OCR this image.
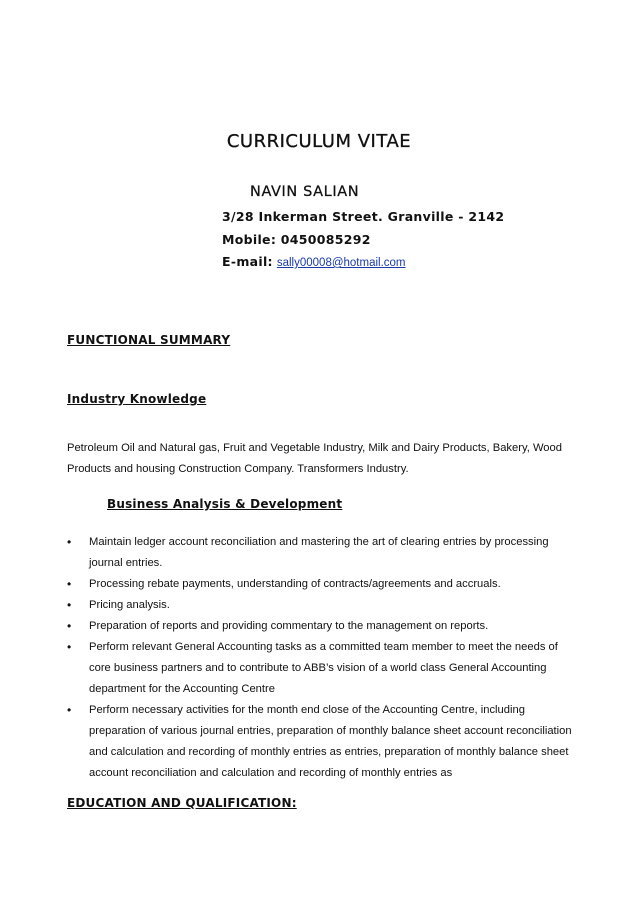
CURRICULUM VITAE
NAVIN SALIAN
3/28 Inkerman Street. Granville - 2142
Mobile: 0450085292
E-mail: sally00008@hotmail.com
FUNCTIONAL SUMMARY
Industry Knowledge
Petroleum Oil and Natural gas, Fruit and Vegetable Industry, Milk and Dairy Products, Bakery, Wood Products and housing Construction Company. Transformers Industry.
Business Analysis & Development
•	Maintain ledger account reconciliation and mastering the art of clearing entries by processing journal entries.
•	Processing rebate payments, understanding of contracts/agreements and accruals.
•	Pricing analysis.
•	Preparation of reports and providing commentary to the management on reports.
•	Perform relevant General Accounting tasks as a committed team member to meet the needs of core business partners and to contribute to ABB’s vision of a world class General Accounting department for the Accounting Centre
•	Perform necessary activities for the month end close of the Accounting Centre, including preparation of various journal entries, preparation of monthly balance sheet account reconciliation and calculation and recording of monthly entries as entries, preparation of monthly balance sheet account reconciliation and calculation and recording of monthly entries as
EDUCATION AND QUALIFICATION:
